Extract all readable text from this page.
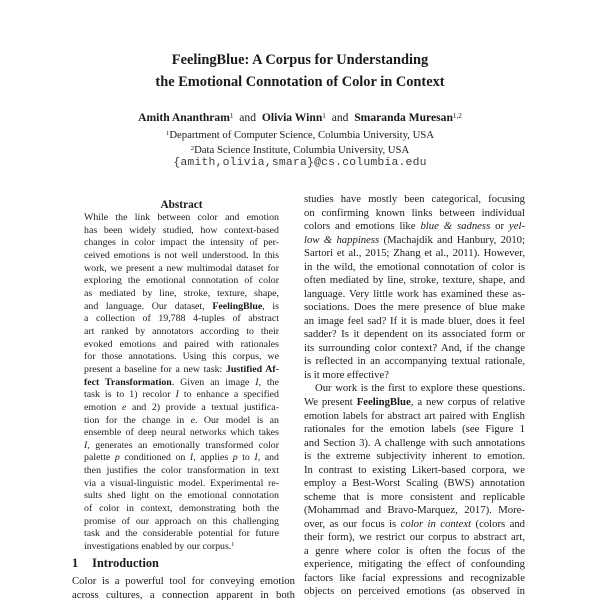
FeelingBlue: A Corpus for Understanding
the Emotional Connotation of Color in Context
Amith Ananthram$^1$ and Olivia Winn$^1$ and Smaranda Muresan$^{1,2}$
$^1$Department of Computer Science, Columbia University, USA
$^2$Data Science Institute, Columbia University, USA
{amith,olivia,smara}@cs.columbia.edu
Abstract
While the link between color and emotion
has been widely studied, how context-based
changes in color impact the intensity of per-
ceived emotions is not well understood. In this
work, we present a new multimodal dataset for
exploring the emotional connotation of color
as mediated by line, stroke, texture, shape,
and language. Our dataset, FeelingBlue, is
a collection of 19,788 4-tuples of abstract
art ranked by annotators according to their
evoked emotions and paired with rationales
for those annotations. Using this corpus, we
present a baseline for a new task: Justified Af-
fect Transformation. Given an image I, the
task is to 1) recolor I to enhance a specified
emotion e and 2) provide a textual justifica-
tion for the change in e. Our model is an
ensemble of deep neural networks which takes
I, generates an emotionally transformed color
palette p conditioned on I, applies p to I, and
then justifies the color transformation in text
via a visual-linguistic model. Experimental re-
sults shed light on the emotional connotation
of color in context, demonstrating both the
promise of our approach on this challenging
task and the considerable potential for future
investigations enabled by our corpus.$^1$
1 Introduction
Color is a powerful tool for conveying emotion
across cultures, a connection apparent in both
studies have mostly been categorical, focusing
on confirming known links between individual
colors and emotions like blue & sadness or yel-
low & happiness (Machajdik and Hanbury, 2010;
Sartori et al., 2015; Zhang et al., 2011). However,
in the wild, the emotional connotation of color is
often mediated by line, stroke, texture, shape, and
language. Very little work has examined these as-
sociations. Does the mere presence of blue make
an image feel sad? If it is made bluer, does it feel
sadder? Is it dependent on its associated form or
its surrounding color context? And, if the change
is reflected in an accompanying textual rationale,
is it more effective?
Our work is the first to explore these questions.
We present FeelingBlue, a new corpus of relative
emotion labels for abstract art paired with English
rationales for the emotion labels (see Figure 1
and Section 3). A challenge with such annotations
is the extreme subjectivity inherent to emotion.
In contrast to existing Likert-based corpora, we
employ a Best-Worst Scaling (BWS) annotation
scheme that is more consistent and replicable
(Mohammad and Bravo-Marquez, 2017). More-
over, as our focus is color in context (colors and
their form), we restrict our corpus to abstract art,
a genre where color is often the focus of the
experience, mitigating the effect of confounding
factors like facial expressions and recognizable
objects on perceived emotions (as observed in
